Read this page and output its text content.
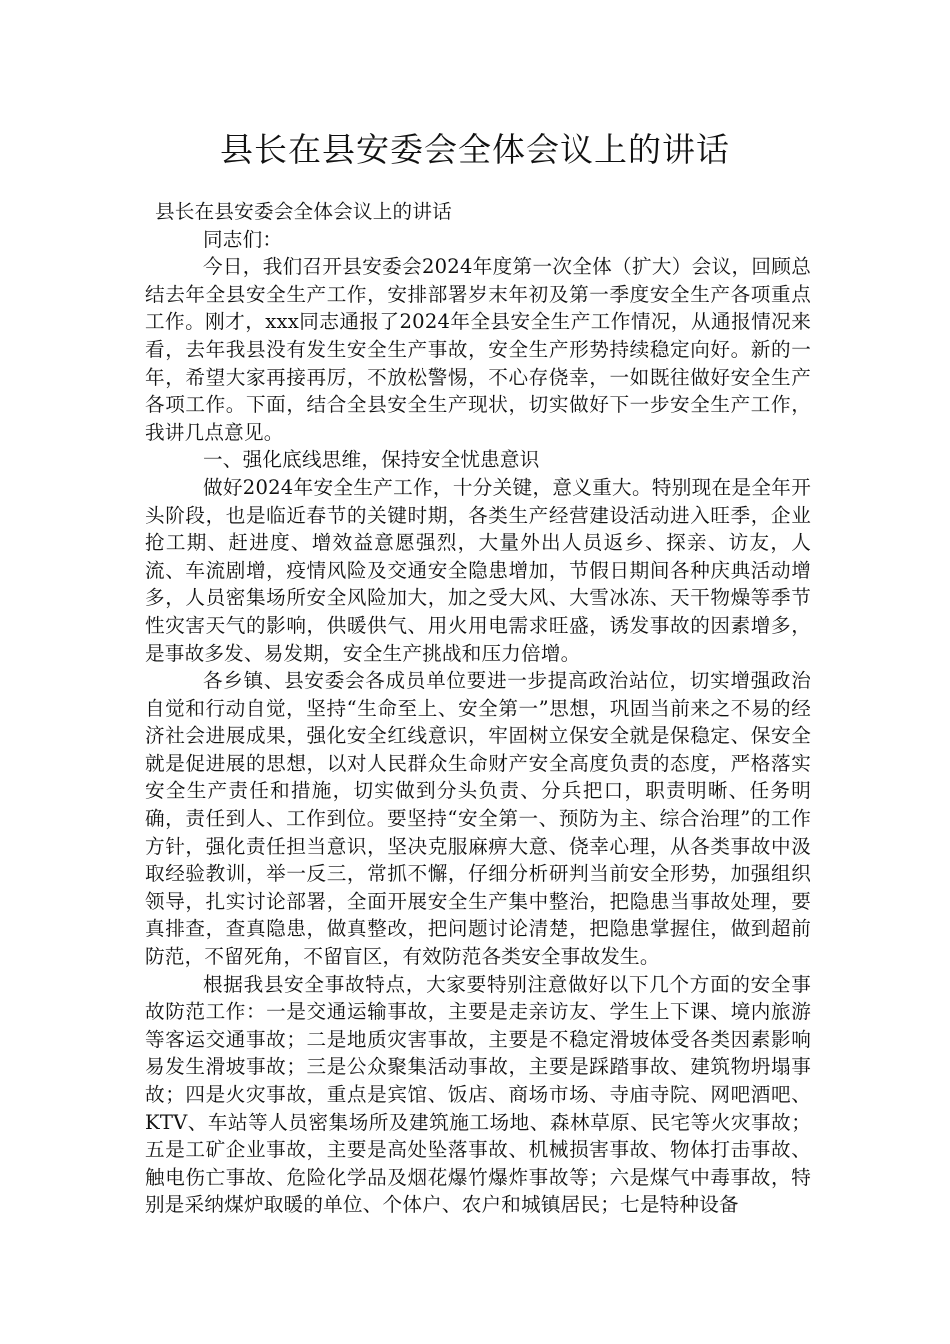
县长在县安委会全体会议上的讲话

县长在县安委会全体会议上的讲话

同志们：

今日，我们召开县安委会2024年度第一次全体（扩大）会议，回顾总结去年全县安全生产工作，安排部署岁末年初及第一季度安全生产各项重点工作。刚才，xxx同志通报了2024年全县安全生产工作情况，从通报情况来看，去年我县没有发生安全生产事故，安全生产形势持续稳定向好。新的一年，希望大家再接再厉，不放松警惕，不心存侥幸，一如既往做好安全生产各项工作。下面，结合全县安全生产现状，切实做好下一步安全生产工作，我讲几点意见。

一、强化底线思维，保持安全忧患意识

做好2024年安全生产工作，十分关键，意义重大。特别现在是全年开头阶段，也是临近春节的关键时期，各类生产经营建设活动进入旺季，企业抢工期、赶进度、增效益意愿强烈，大量外出人员返乡、探亲、访友，人流、车流剧增，疫情风险及交通安全隐患增加，节假日期间各种庆典活动增多，人员密集场所安全风险加大，加之受大风、大雪冰冻、天干物燥等季节性灾害天气的影响，供暖供气、用火用电需求旺盛，诱发事故的因素增多，是事故多发、易发期，安全生产挑战和压力倍增。

各乡镇、县安委会各成员单位要进一步提高政治站位，切实增强政治自觉和行动自觉，坚持“生命至上、安全第一”思想，巩固当前来之不易的经济社会进展成果，强化安全红线意识，牢固树立保安全就是保稳定、保安全就是促进展的思想，以对人民群众生命财产安全高度负责的态度，严格落实安全生产责任和措施，切实做到分头负责、分兵把口，职责明晰、任务明确，责任到人、工作到位。要坚持“安全第一、预防为主、综合治理”的工作方针，强化责任担当意识，坚决克服麻痹大意、侥幸心理，从各类事故中汲取经验教训，举一反三，常抓不懈，仔细分析研判当前安全形势，加强组织领导，扎实讨论部署，全面开展安全生产集中整治，把隐患当事故处理，要真排查，查真隐患，做真整改，把问题讨论清楚，把隐患掌握住，做到超前防范，不留死角，不留盲区，有效防范各类安全事故发生。

根据我县安全事故特点，大家要特别注意做好以下几个方面的安全事故防范工作：一是交通运输事故，主要是走亲访友、学生上下课、境内旅游等客运交通事故；二是地质灾害事故，主要是不稳定滑坡体受各类因素影响易发生滑坡事故；三是公众聚集活动事故，主要是踩踏事故、建筑物坍塌事故；四是火灾事故，重点是宾馆、饭店、商场市场、寺庙寺院、网吧酒吧、KTV、车站等人员密集场所及建筑施工场地、森林草原、民宅等火灾事故；五是工矿企业事故，主要是高处坠落事故、机械损害事故、物体打击事故、触电伤亡事故、危险化学品及烟花爆竹爆炸事故等；六是煤气中毒事故，特别是采纳煤炉取暖的单位、个体户、农户和城镇居民；七是特种设备
